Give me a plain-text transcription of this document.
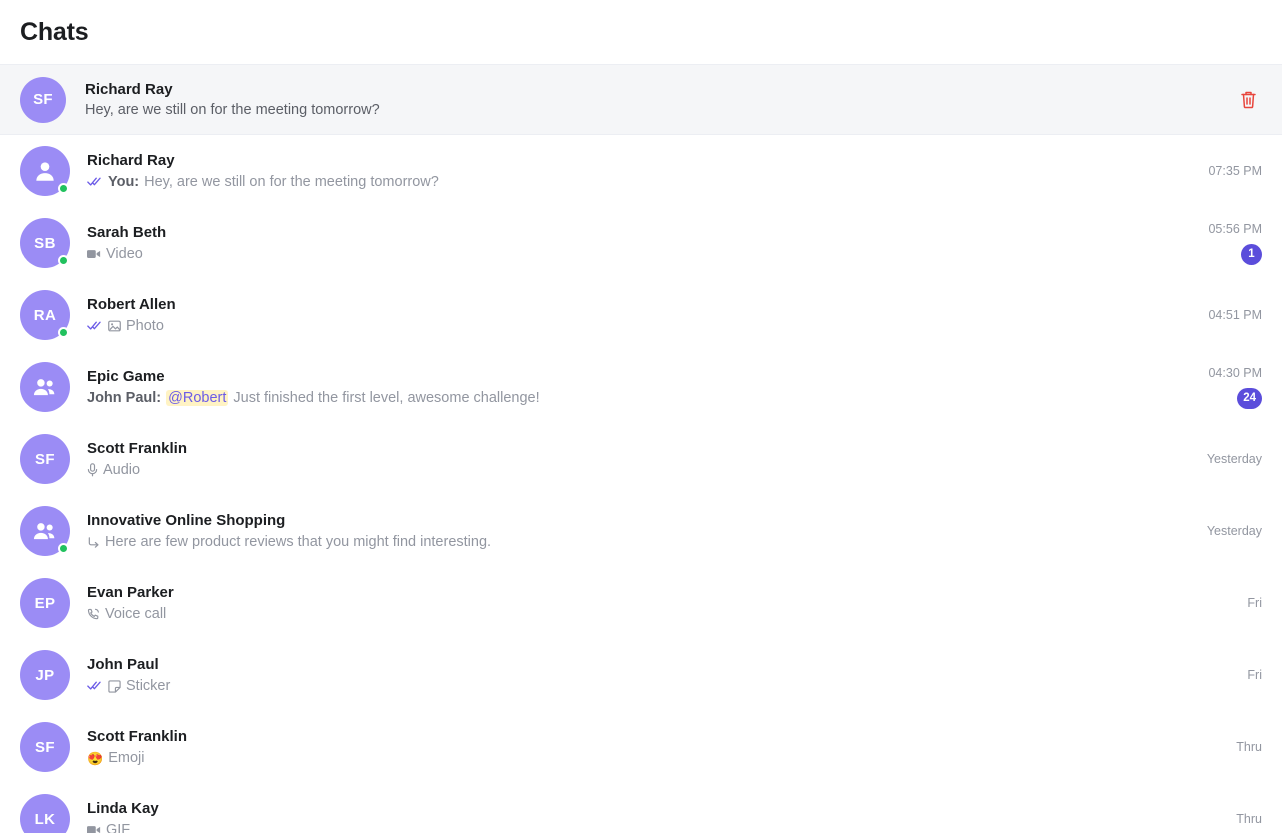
Chats
SF
Richard Ray
Hey, are we still on for the meeting tomorrow?
Richard Ray
You: Hey, are we still on for the meeting tomorrow?
07:35 PM
SB
Sarah Beth
Video
05:56 PM
1
RA
Robert Allen
Photo
04:51 PM
Epic Game
John Paul: @Robert Just finished the first level, awesome challenge!
04:30 PM
24
SF
Scott Franklin
Audio
Yesterday
Innovative Online Shopping
Here are few product reviews that you might find interesting.
Yesterday
EP
Evan Parker
Voice call
Fri
JP
John Paul
Sticker
Fri
SF
Scott Franklin
😍 Emoji
Thru
LK
Linda Kay
GIF
Thru
